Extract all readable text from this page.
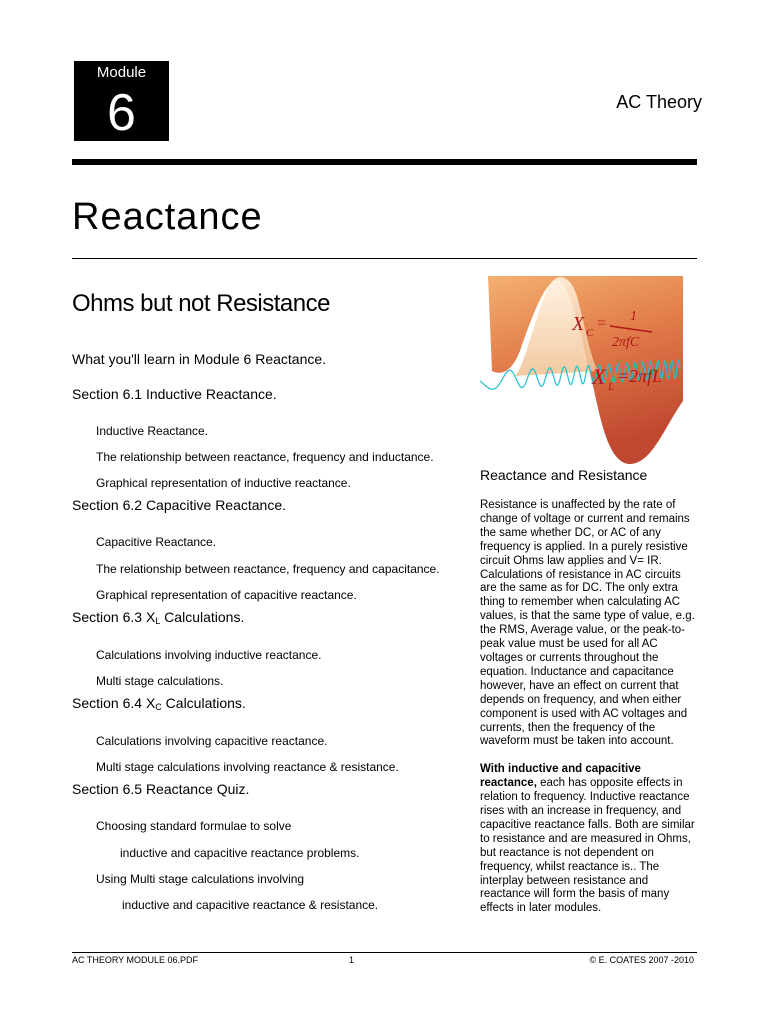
Module
6	AC Theory
Reactance
Ohms but not Resistance
What you'll learn in Module 6 Reactance.
Section 6.1 Inductive Reactance.
Inductive Reactance.
The relationship between reactance, frequency and inductance.
Graphical representation of inductive reactance.
Section 6.2 Capacitive Reactance.
Capacitive Reactance.
The relationship between reactance, frequency and capacitance.
Graphical representation of capacitive reactance.
Section 6.3 $X_L$ Calculations.
Calculations involving inductive reactance.
Multi stage calculations.
Section 6.4 $X_C$ Calculations.
Calculations involving capacitive reactance.
Multi stage calculations involving reactance & resistance.
Section 6.5 Reactance Quiz.
Choosing standard formulae to solve
inductive and capacitive reactance problems.
Using Multi stage calculations involving
inductive and capacitive reactance & resistance.
X C
= 1
2πfC
X L
=2πfL
Reactance and Resistance

Resistance is unaffected by the rate of change of voltage or current and remains the same whether DC, or AC of any frequency is applied. In a purely resistive circuit Ohms law applies and V= IR. Calculations of resistance in AC circuits are the same as for DC. The only extra thing to remember when calculating AC values, is that the same type of value, e.g. the RMS, Average value, or the peak-to-peak value must be used for all AC voltages or currents throughout the equation. Inductance and capacitance however, have an effect on current that depends on frequency, and when either component is used with AC voltages and currents, then the frequency of the waveform must be taken into account.

With inductive and capacitive reactance, each has opposite effects in relation to frequency. Inductive reactance rises with an increase in frequency, and capacitive reactance falls. Both are similar to resistance and are measured in Ohms, but reactance is not dependent on frequency, whilst reactance is.. The interplay between resistance and reactance will form the basis of many effects in later modules.

AC THEORY MODULE 06.PDF	1	© E. COATES 2007 -2010
